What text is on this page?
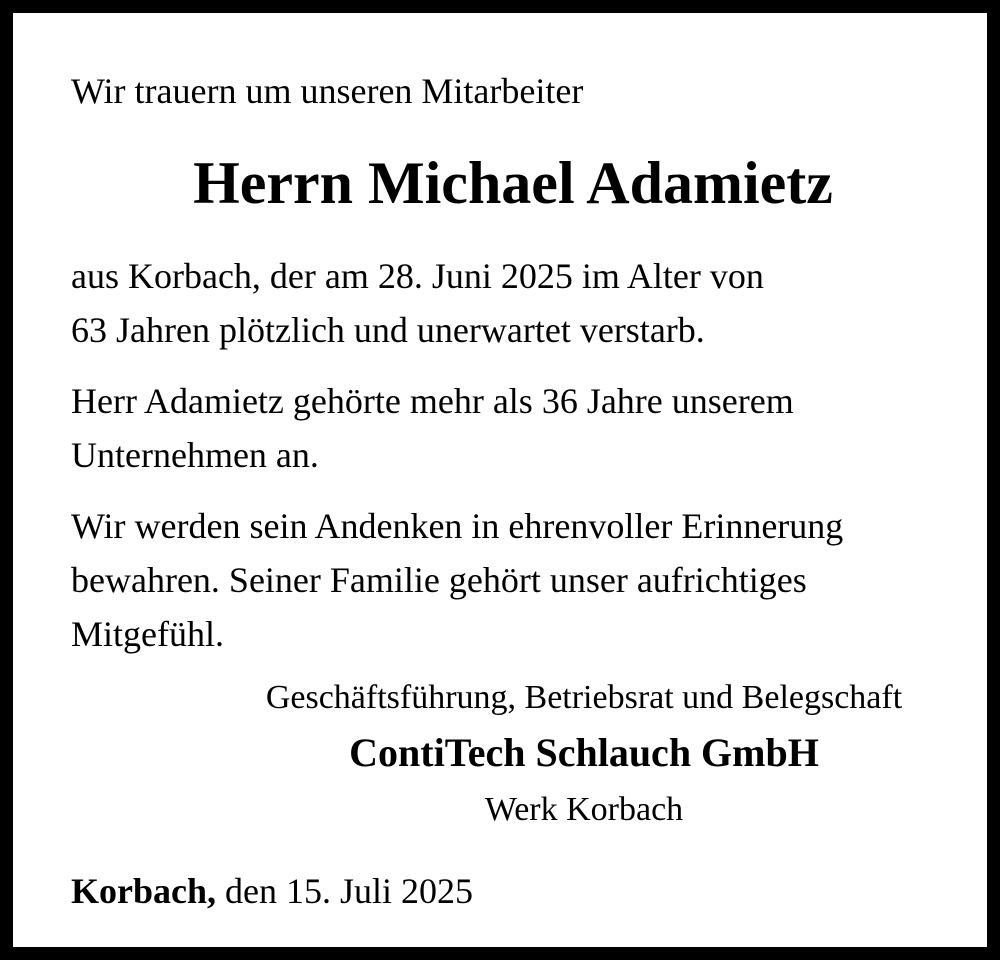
Wir trauern um unseren Mitarbeiter

Herrn Michael Adamietz

aus Korbach, der am 28. Juni 2025 im Alter von

63 Jahren plötzlich und unerwartet verstarb.

Herr Adamietz gehörte mehr als 36 Jahre unserem

Unternehmen an.

Wir werden sein Andenken in ehrenvoller Erinnerung

bewahren. Seiner Familie gehört unser aufrichtiges

Mitgefühl.

Geschäftsführung, Betriebsrat und Belegschaft

ContiTech Schlauch GmbH

Werk Korbach

Korbach, den 15. Juli 2025
